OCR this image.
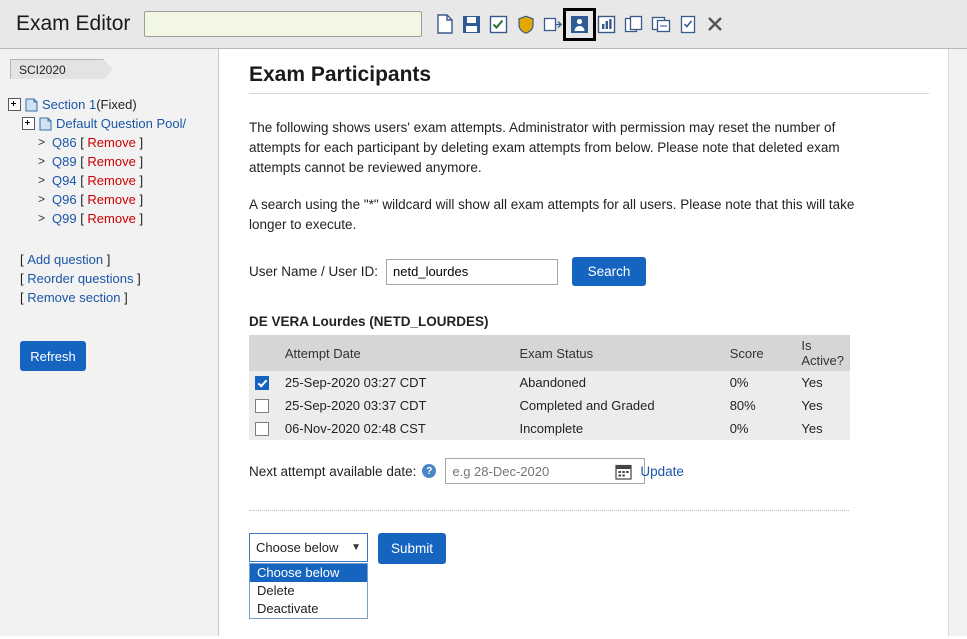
Exam Editor
SCI2020
Section 1 (Fixed)
Default Question Pool/
> Q86 [ Remove ]
> Q89 [ Remove ]
> Q94 [ Remove ]
> Q96 [ Remove ]
> Q99 [ Remove ]
[ Add question ]
[ Reorder questions ]
[ Remove section ]
Refresh
Exam Participants
The following shows users' exam attempts. Administrator with permission may reset the number of attempts for each participant by deleting exam attempts from below. Please note that deleted exam attempts cannot be reviewed anymore.
A search using the "*" wildcard will show all exam attempts for all users. Please note that this will take longer to execute.
User Name / User ID:
netd_lourdes	Search
DE VERA Lourdes (NETD_LOURDES)
	Attempt Date	Exam Status	Score	Is Active?
	25-Sep-2020 03:27 CDT	Abandoned	0%	Yes
	25-Sep-2020 03:37 CDT	Completed and Graded	80%	Yes
	06-Nov-2020 02:48 CST	Incomplete	0%	Yes
Next attempt available date: ?
e.g 28-Dec-2020	Update
Choose below ▼
Choose below
Delete
Deactivate
Submit
